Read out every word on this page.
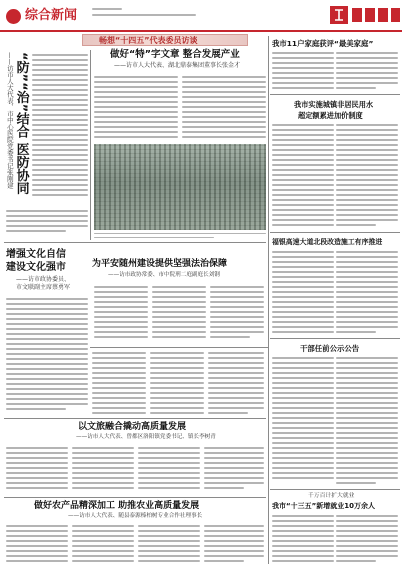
综合新闻
畅想“十四五”代表委员访谈
——访市人大代表、市中心医院党委书记张刚建 “防”“治”结合 医防协同	做好“特”字文章 整合发展产业
——访市人大代表、湖北鼎泰集团董事长张金才
增强文化自信
建设文化强市
——访市政协委员、
市文联副主席蔡勇军
为平安随州建设提供坚强法治保障
——访市政协常委、市中院刑二庭副庭长刘钢
以文旅融合撬动高质量发展
——访市人大代表、曾都区洛阳镇党委书记、镇长李树青
做好农产品精深加工 助推农业高质量发展
——访市人大代表、随县泰源榛柏树专业合作社理事长
我市11户家庭获评“最美家庭”
我市实施城镇非居民用水
超定额累进加价制度
福银高速大道北段改造施工有序推进
干部任前公示公告
千万百计扩大就业
我市“十三五”新增就业10万余人
